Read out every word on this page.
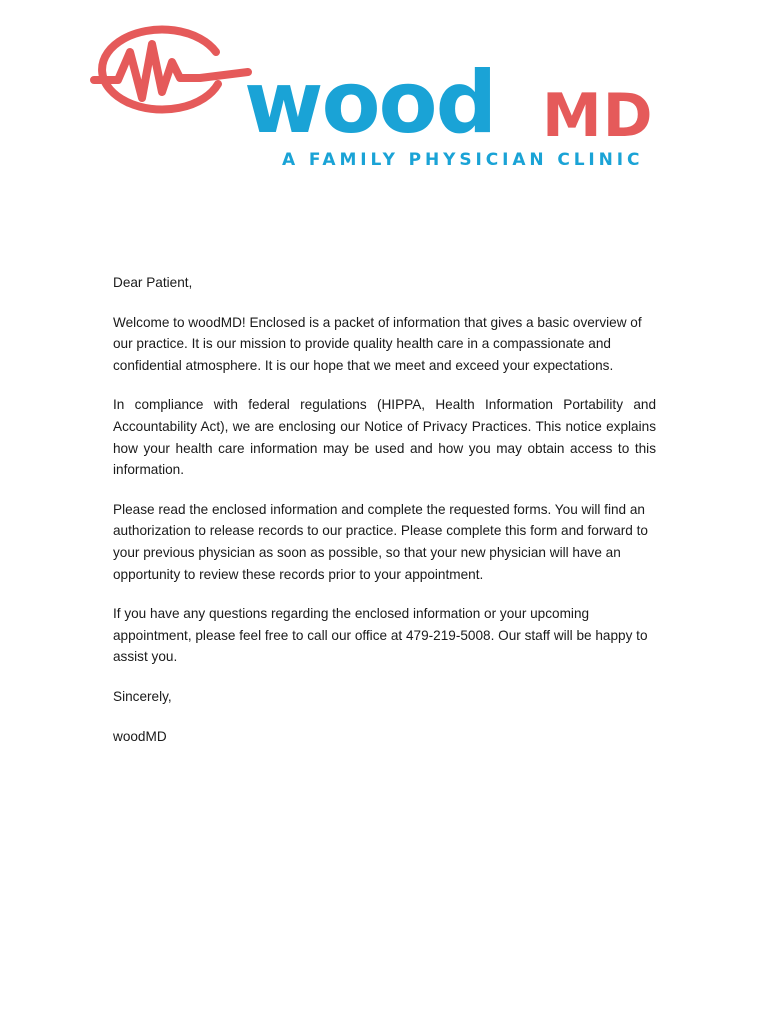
wood MD
A FAMILY PHYSICIAN CLINIC

Dear Patient,

Welcome to woodMD! Enclosed is a packet of information that gives a basic overview of our practice. It is our mission to provide quality health care in a compassionate and confidential atmosphere. It is our hope that we meet and exceed your expectations.

In compliance with federal regulations (HIPPA, Health Information Portability and Accountability Act), we are enclosing our Notice of Privacy Practices. This notice explains how your health care information may be used and how you may obtain access to this information.

Please read the enclosed information and complete the requested forms. You will find an authorization to release records to our practice. Please complete this form and forward to your previous physician as soon as possible, so that your new physician will have an opportunity to review these records prior to your appointment.

If you have any questions regarding the enclosed information or your upcoming appointment, please feel free to call our office at 479-219-5008. Our staff will be happy to assist you.

Sincerely,

woodMD
